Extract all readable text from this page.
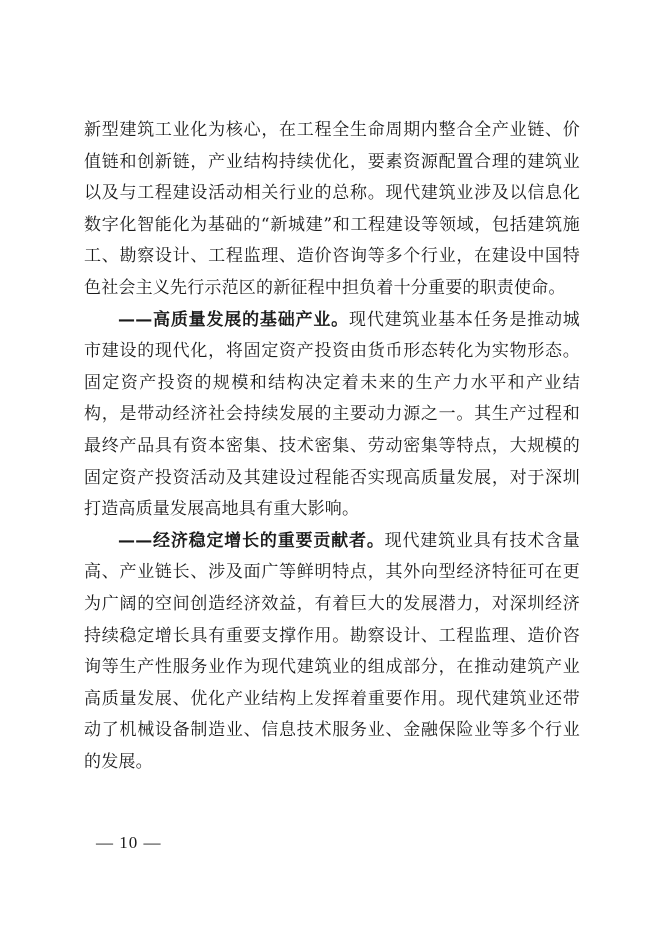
新型建筑工业化为核心，在工程全生命周期内整合全产业链、价值链和创新链，产业结构持续优化，要素资源配置合理的建筑业以及与工程建设活动相关行业的总称。现代建筑业涉及以信息化数字化智能化为基础的“新城建”和工程建设等领域，包括建筑施工、勘察设计、工程监理、造价咨询等多个行业，在建设中国特色社会主义先行示范区的新征程中担负着十分重要的职责使命。

——高质量发展的基础产业。现代建筑业基本任务是推动城市建设的现代化，将固定资产投资由货币形态转化为实物形态。固定资产投资的规模和结构决定着未来的生产力水平和产业结构，是带动经济社会持续发展的主要动力源之一。其生产过程和最终产品具有资本密集、技术密集、劳动密集等特点，大规模的固定资产投资活动及其建设过程能否实现高质量发展，对于深圳打造高质量发展高地具有重大影响。

——经济稳定增长的重要贡献者。现代建筑业具有技术含量高、产业链长、涉及面广等鲜明特点，其外向型经济特征可在更为广阔的空间创造经济效益，有着巨大的发展潜力，对深圳经济持续稳定增长具有重要支撑作用。勘察设计、工程监理、造价咨询等生产性服务业作为现代建筑业的组成部分，在推动建筑产业高质量发展、优化产业结构上发挥着重要作用。现代建筑业还带动了机械设备制造业、信息技术服务业、金融保险业等多个行业的发展。

— 10 —
